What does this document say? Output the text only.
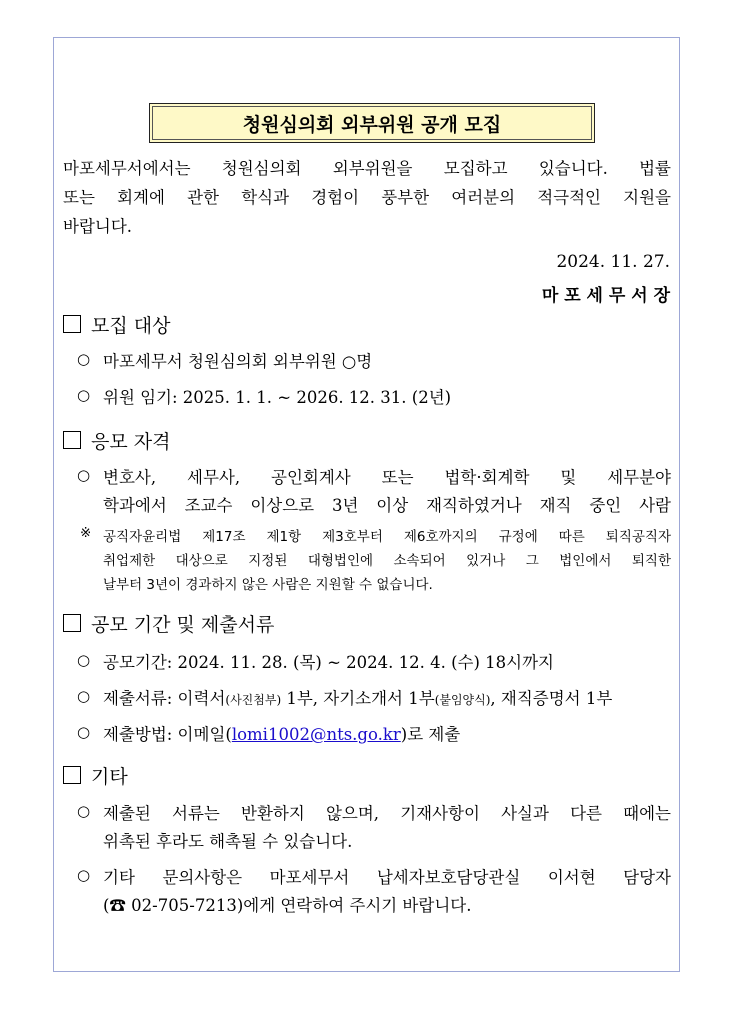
청원심의회 외부위원 공개 모집
마포세무서에서는 청원심의회 외부위원을 모집하고 있습니다. 법률
또는 회계에 관한 학식과 경험이 풍부한 여러분의 적극적인 지원을
바랍니다.
2024. 11. 27.
마 포 세 무 서 장
모집 대상
○ 마포세무서 청원심의회 외부위원 ○명
○ 위원 임기: 2025. 1. 1. ~ 2026. 12. 31. (2년)
응모 자격
○ 변호사, 세무사, 공인회계사 또는 법학·회계학 및 세무분야
학과에서 조교수 이상으로 3년 이상 재직하였거나 재직 중인 사람
※ 공직자윤리법 제17조 제1항 제3호부터 제6호까지의 규정에 따른 퇴직공직자
취업제한 대상으로 지정된 대형법인에 소속되어 있거나 그 법인에서 퇴직한
날부터 3년이 경과하지 않은 사람은 지원할 수 없습니다.
공모 기간 및 제출서류
○ 공모기간: 2024. 11. 28. (목) ~ 2024. 12. 4. (수) 18시까지
○ 제출서류: 이력서(사진첨부) 1부, 자기소개서 1부(붙임양식), 재직증명서 1부
○ 제출방법: 이메일(lomi1002@nts.go.kr)로 제출
기타
○ 제출된 서류는 반환하지 않으며, 기재사항이 사실과 다른 때에는
위촉된 후라도 해촉될 수 있습니다.
○ 기타 문의사항은 마포세무서 납세자보호담당관실 이서현 담당자
(☎ 02-705-7213)에게 연락하여 주시기 바랍니다.
